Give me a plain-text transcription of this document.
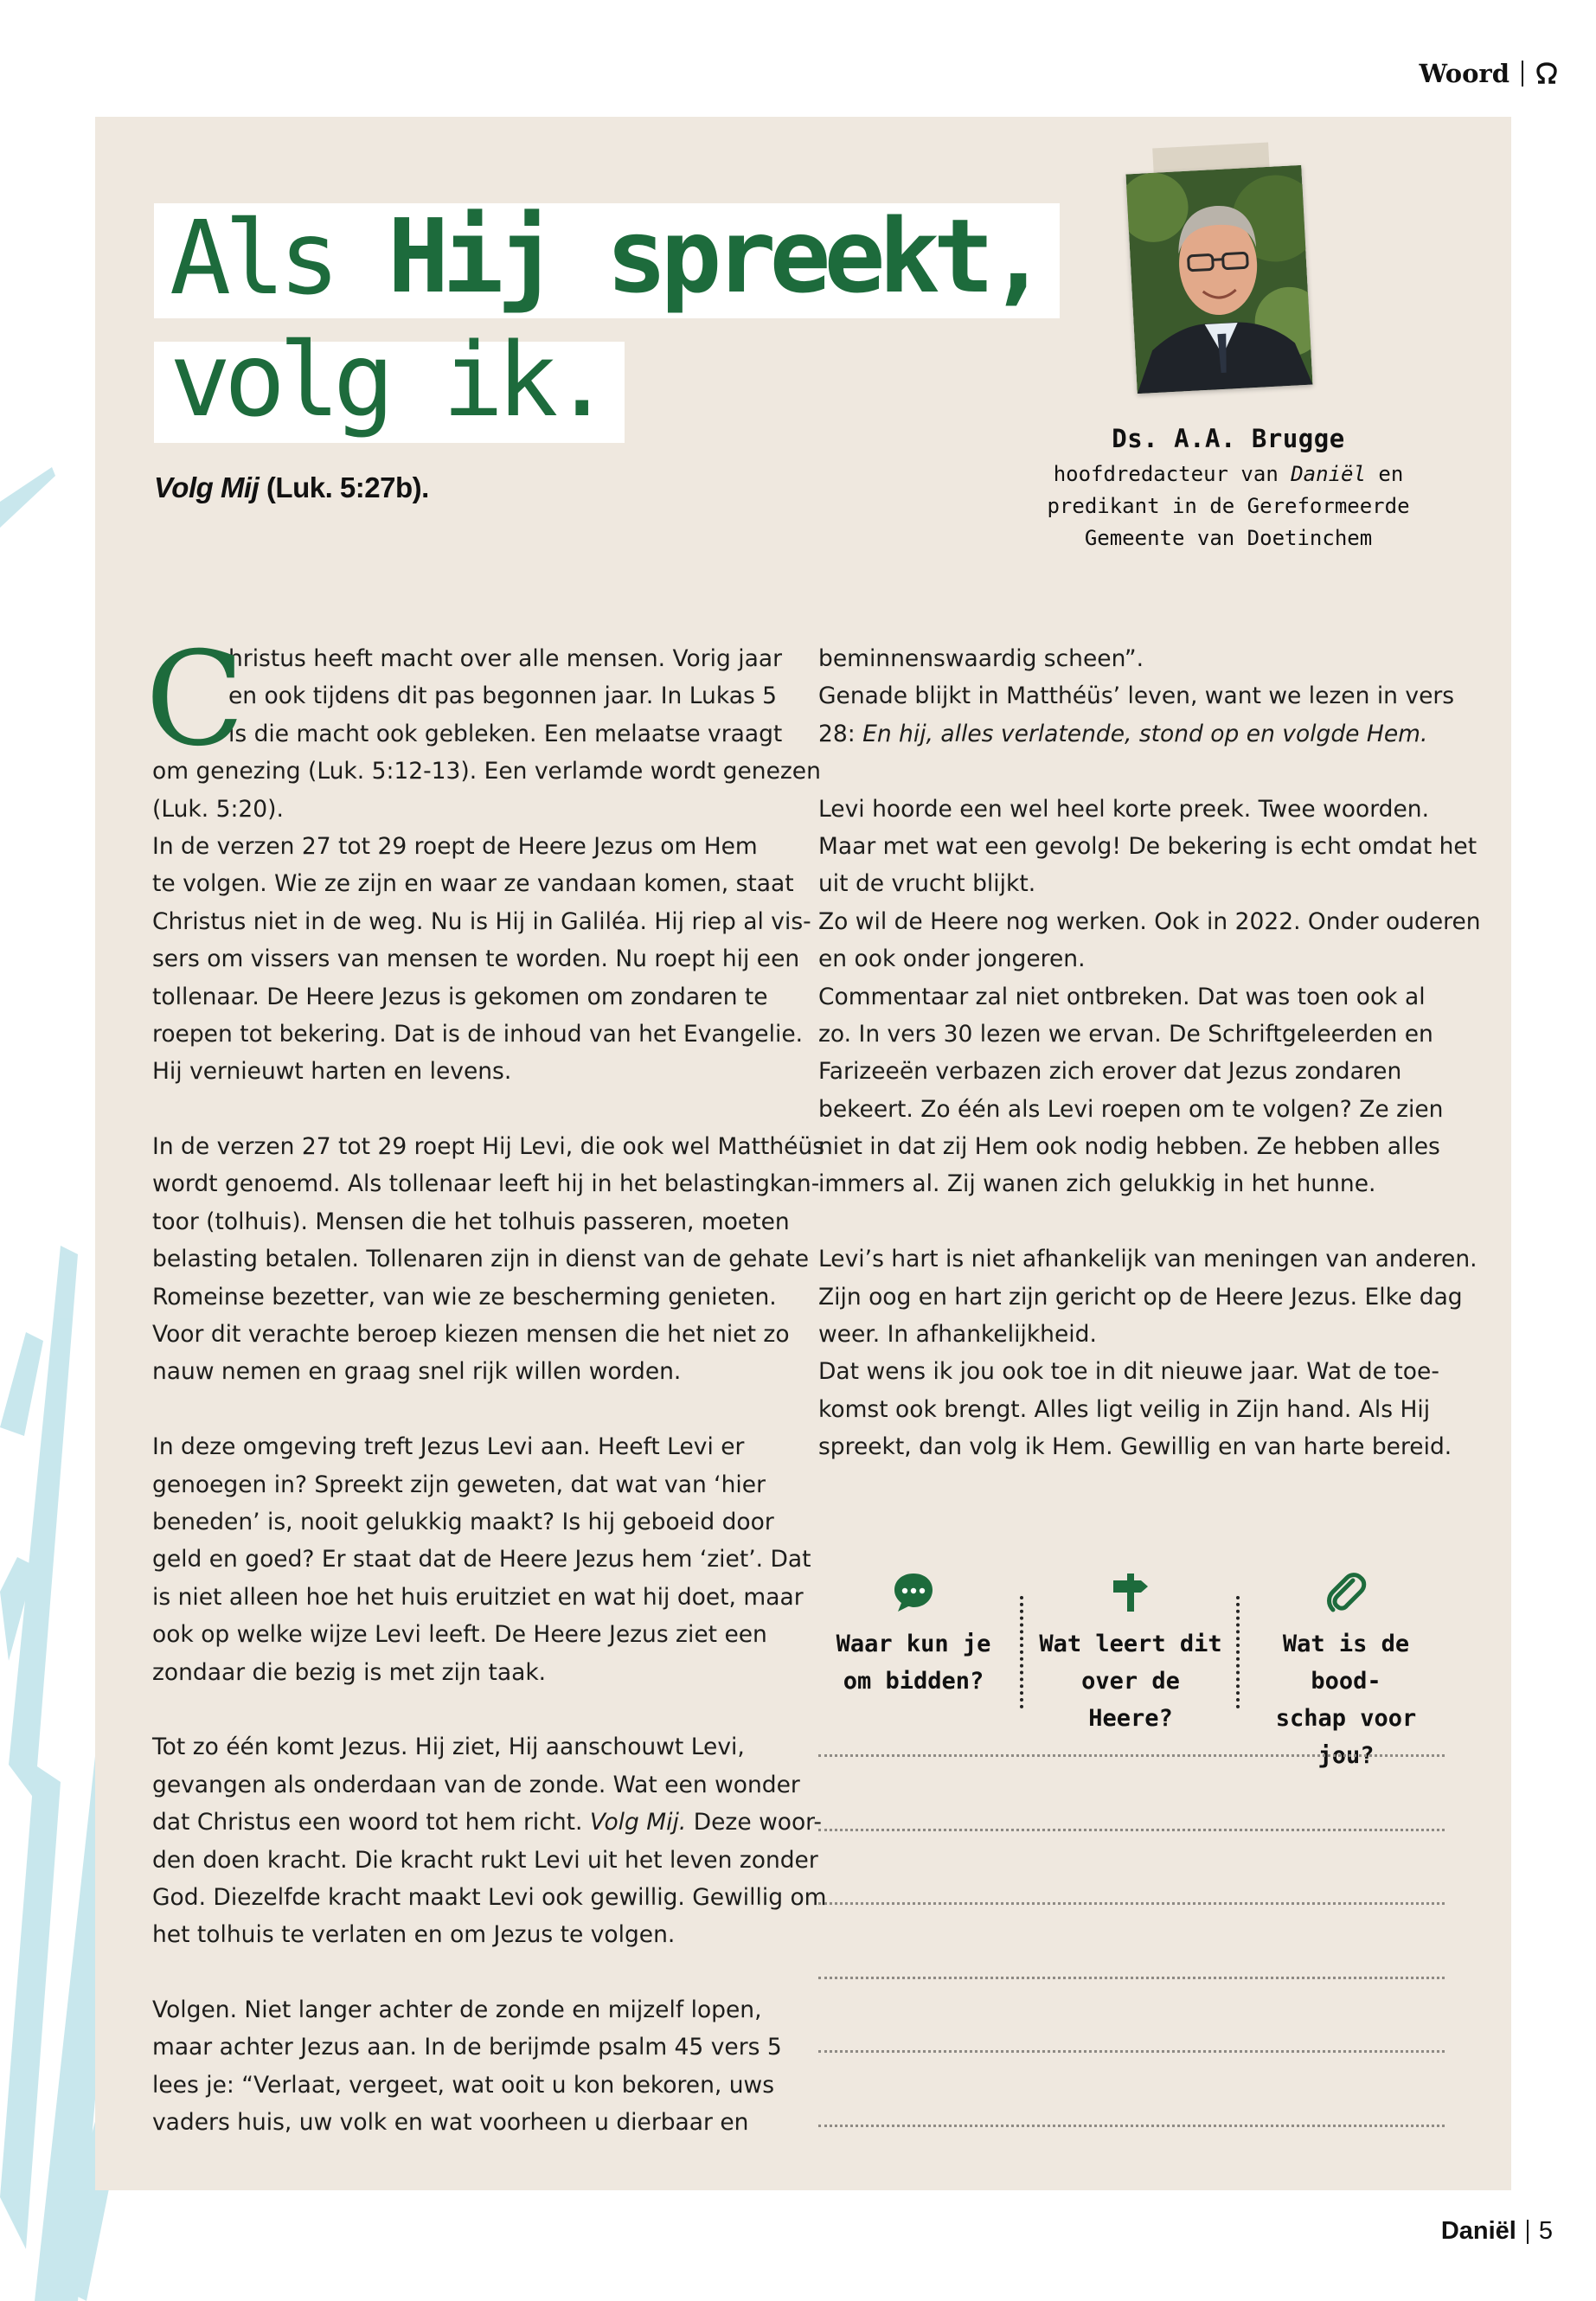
Woord
Als Hij spreekt,
volg ik.
Volg Mij (Luk. 5:27b).
Ds. A.A. Brugge
hoofdredacteur van Daniël en
predikant in de Gereformeerde
Gemeente van Doetinchem
C
hristus heeft macht over alle mensen. Vorig jaar
en ook tijdens dit pas begonnen jaar. In Lukas 5
is die macht ook gebleken. Een melaatse vraagt
om genezing (Luk. 5:12-13). Een verlamde wordt genezen
(Luk. 5:20).
In de verzen 27 tot 29 roept de Heere Jezus om Hem
te volgen. Wie ze zijn en waar ze vandaan komen, staat
Christus niet in de weg. Nu is Hij in Galiléa. Hij riep al vis-
sers om vissers van mensen te worden. Nu roept hij een
tollenaar. De Heere Jezus is gekomen om zondaren te
roepen tot bekering. Dat is de inhoud van het Evangelie.
Hij vernieuwt harten en levens.
In de verzen 27 tot 29 roept Hij Levi, die ook wel Matthéüs
wordt genoemd. Als tollenaar leeft hij in het belastingkan-
toor (tolhuis). Mensen die het tolhuis passeren, moeten
belasting betalen. Tollenaren zijn in dienst van de gehate
Romeinse bezetter, van wie ze bescherming genieten.
Voor dit verachte beroep kiezen mensen die het niet zo
nauw nemen en graag snel rijk willen worden.
In deze omgeving treft Jezus Levi aan. Heeft Levi er
genoegen in? Spreekt zijn geweten, dat wat van ‘hier
beneden’ is, nooit gelukkig maakt? Is hij geboeid door
geld en goed? Er staat dat de Heere Jezus hem ‘ziet’. Dat
is niet alleen hoe het huis eruitziet en wat hij doet, maar
ook op welke wijze Levi leeft. De Heere Jezus ziet een
zondaar die bezig is met zijn taak.
Tot zo één komt Jezus. Hij ziet, Hij aanschouwt Levi,
gevangen als onderdaan van de zonde. Wat een wonder
dat Christus een woord tot hem richt. Volg Mij. Deze woor-
den doen kracht. Die kracht rukt Levi uit het leven zonder
God. Diezelfde kracht maakt Levi ook gewillig. Gewillig om
het tolhuis te verlaten en om Jezus te volgen.
Volgen. Niet langer achter de zonde en mijzelf lopen,
maar achter Jezus aan. In de berijmde psalm 45 vers 5
lees je: “Verlaat, vergeet, wat ooit u kon bekoren, uws
vaders huis, uw volk en wat voorheen u dierbaar en
beminnenswaardig scheen”.
Genade blijkt in Matthéüs’ leven, want we lezen in vers
28: En hij, alles verlatende, stond op en volgde Hem.
Levi hoorde een wel heel korte preek. Twee woorden.
Maar met wat een gevolg! De bekering is echt omdat het
uit de vrucht blijkt.
Zo wil de Heere nog werken. Ook in 2022. Onder ouderen
en ook onder jongeren.
Commentaar zal niet ontbreken. Dat was toen ook al
zo. In vers 30 lezen we ervan. De Schriftgeleerden en
Farizeeën verbazen zich erover dat Jezus zondaren
bekeert. Zo één als Levi roepen om te volgen? Ze zien
niet in dat zij Hem ook nodig hebben. Ze hebben alles
immers al. Zij wanen zich gelukkig in het hunne.
Levi’s hart is niet afhankelijk van meningen van anderen.
Zijn oog en hart zijn gericht op de Heere Jezus. Elke dag
weer. In afhankelijkheid.
Dat wens ik jou ook toe in dit nieuwe jaar. Wat de toe-
komst ook brengt. Alles ligt veilig in Zijn hand. Als Hij
spreekt, dan volg ik Hem. Gewillig en van harte bereid.
Waar kun je
om bidden?
Wat leert dit
over de Heere?
Wat is de bood-
schap voor jou?
Daniël 5
